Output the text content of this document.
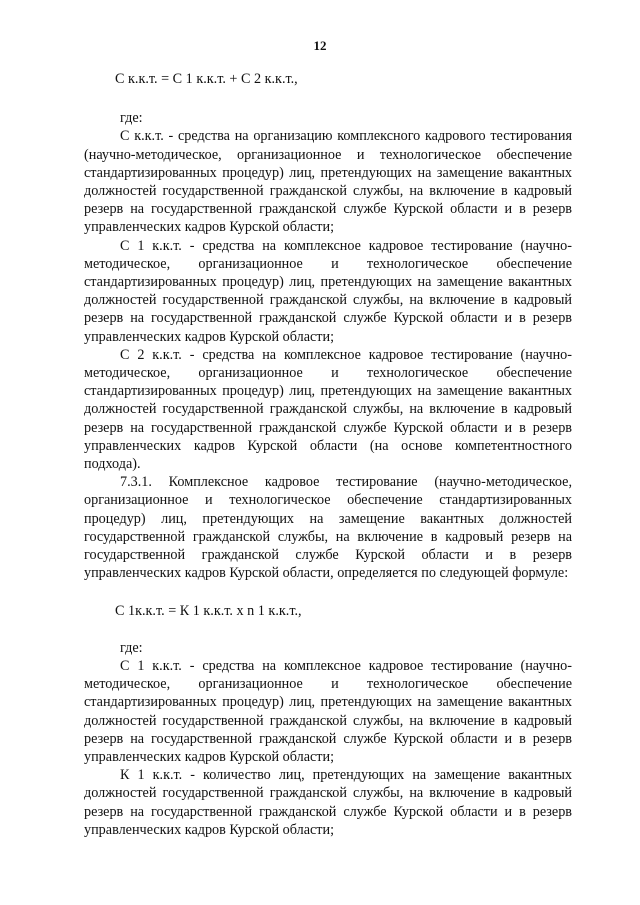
12

С к.к.т. = С 1 к.к.т. + С 2 к.к.т.,

где:

С к.к.т. - средства на организацию комплексного кадрового тестирования (научно-методическое, организационное и технологическое обеспечение стандартизированных процедур) лиц, претендующих на замещение вакантных должностей государственной гражданской службы, на включение в кадровый резерв на государственной гражданской службе Курской области и в резерв управленческих кадров Курской области;

С 1 к.к.т. - средства на комплексное кадровое тестирование (научно-методическое, организационное и технологическое обеспечение стандартизированных процедур) лиц, претендующих на замещение вакантных должностей государственной гражданской службы, на включение в кадровый резерв на государственной гражданской службе Курской области и в резерв управленческих кадров Курской области;

С 2 к.к.т. - средства на комплексное кадровое тестирование (научно-методическое, организационное и технологическое обеспечение стандартизированных процедур) лиц, претендующих на замещение вакантных должностей государственной гражданской службы, на включение в кадровый резерв на государственной гражданской службе Курской области и в резерв управленческих кадров Курской области (на основе компетентностного подхода).

7.3.1. Комплексное кадровое тестирование (научно-методическое, организационное и технологическое обеспечение стандартизированных процедур) лиц, претендующих на замещение вакантных должностей государственной гражданской службы, на включение в кадровый резерв на государственной гражданской службе Курской области и в резерв управленческих кадров Курской области, определяется по следующей формуле:

С 1к.к.т. = К 1 к.к.т. х n 1 к.к.т.,

где:

С 1 к.к.т. - средства на комплексное кадровое тестирование (научно-методическое, организационное и технологическое обеспечение стандартизированных процедур) лиц, претендующих на замещение вакантных должностей государственной гражданской службы, на включение в кадровый резерв на государственной гражданской службе Курской области и в резерв управленческих кадров Курской области;

К 1 к.к.т. - количество лиц, претендующих на замещение вакантных должностей государственной гражданской службы, на включение в кадровый резерв на государственной гражданской службе Курской области и в резерв управленческих кадров Курской области;
